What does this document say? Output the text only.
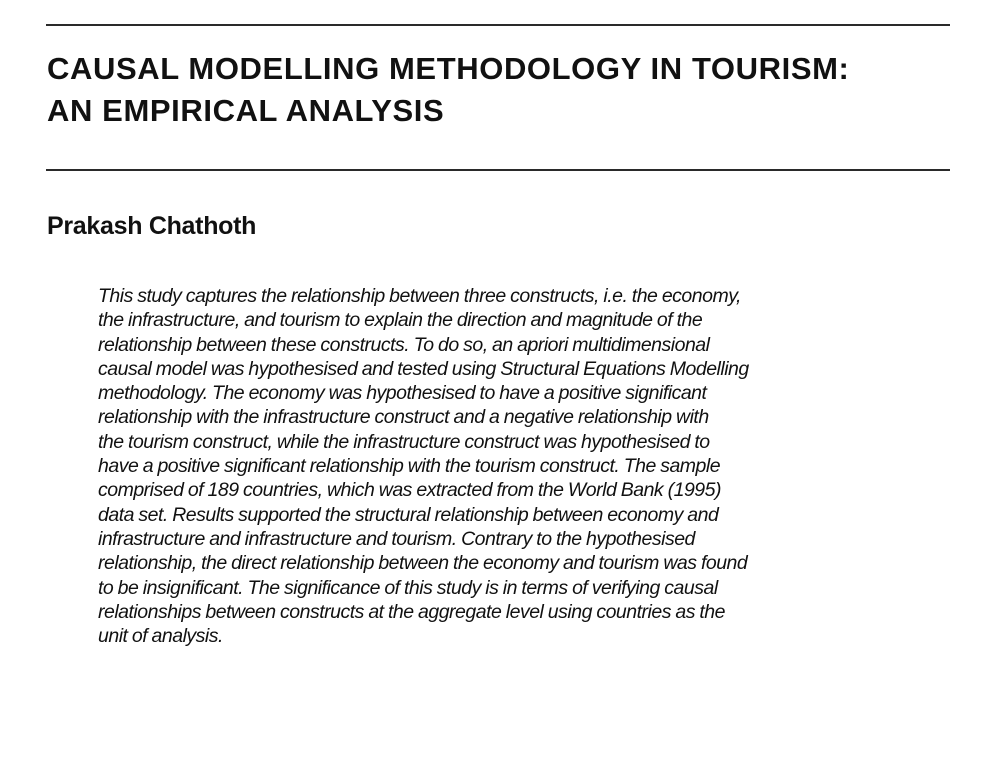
CAUSAL MODELLING METHODOLOGY IN TOURISM:
AN EMPIRICAL ANALYSIS

Prakash Chathoth

This study captures the relationship between three constructs, i.e. the economy,
the infrastructure, and tourism to explain the direction and magnitude of the
relationship between these constructs. To do so, an apriori multidimensional
causal model was hypothesised and tested using Structural Equations Modelling
methodology. The economy was hypothesised to have a positive significant
relationship with the infrastructure construct and a negative relationship with
the tourism construct, while the infrastructure construct was hypothesised to
have a positive significant relationship with the tourism construct. The sample
comprised of 189 countries, which was extracted from the World Bank (1995)
data set. Results supported the structural relationship between economy and
infrastructure and infrastructure and tourism. Contrary to the hypothesised
relationship, the direct relationship between the economy and tourism was found
to be insignificant. The significance of this study is in terms of verifying causal
relationships between constructs at the aggregate level using countries as the
unit of analysis.
